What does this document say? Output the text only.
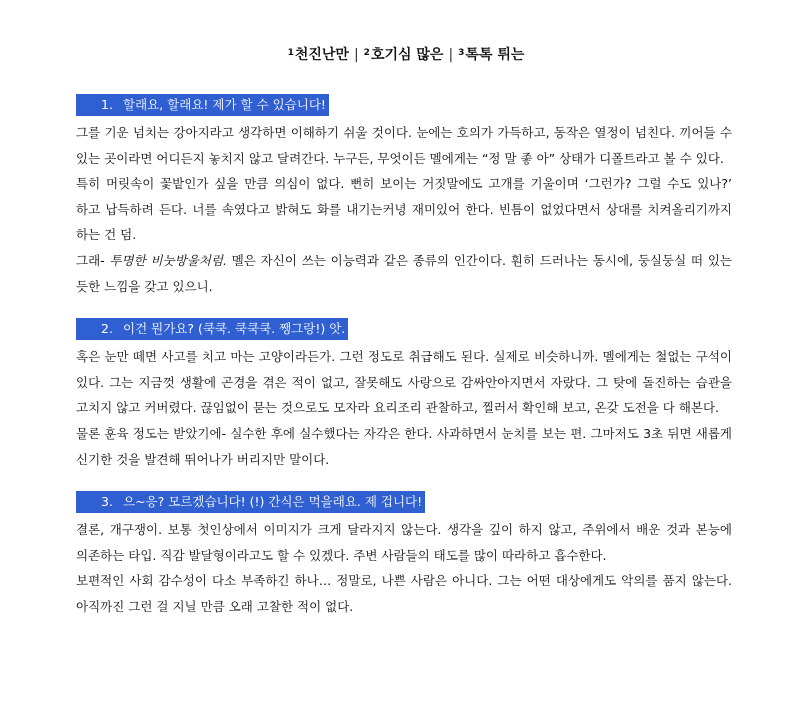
$^1$천진난만 | $^2$호기심 많은 | $^3$톡톡 튀는
1. 할래요, 할래요! 제가 할 수 있습니다!

그를 기운 넘치는 강아지라고 생각하면 이해하기 쉬울 것이다. 눈에는 호의가 가득하고, 동작은 열정이 넘친다. 끼어들 수 있는 곳이라면 어디든지 놓치지 않고 달려간다. 누구든, 무엇이든 멜에게는 “정 말 좋 아” 상태가 디폴트라고 볼 수 있다.

특히 머릿속이 꽃밭인가 싶을 만큼 의심이 없다. 뻔히 보이는 거짓말에도 고개를 기울이며 ‘그런가? 그럴 수도 있나?’ 하고 납득하려 든다. 너를 속였다고 밝혀도 화를 내기는커녕 재미있어 한다. 빈틈이 없었다면서 상대를 치켜올리기까지 하는 건 덤.

그래- 투명한 비눗방울처럼. 멜은 자신이 쓰는 이능력과 같은 종류의 인간이다. 훤히 드러나는 동시에, 둥실둥실 떠 있는 듯한 느낌을 갖고 있으니.

2. 이건 뭔가요? (쿡쿡. 쿡쿡쿡. 쨍그랑!) 앗.

혹은 눈만 떼면 사고를 치고 마는 고양이라든가. 그런 정도로 취급해도 된다. 실제로 비슷하니까. 멜에게는 철없는 구석이 있다. 그는 지금껏 생활에 곤경을 겪은 적이 없고, 잘못해도 사랑으로 감싸안아지면서 자랐다. 그 탓에 돌진하는 습관을 고치지 않고 커버렸다. 끊임없이 묻는 것으로도 모자라 요리조리 관찰하고, 찔러서 확인해 보고, 온갖 도전을 다 해본다.

물론 훈육 정도는 받았기에- 실수한 후에 실수했다는 자각은 한다. 사과하면서 눈치를 보는 편. 그마저도 3초 뒤면 새롭게 신기한 것을 발견해 뛰어나가 버리지만 말이다.

3. 으~응? 모르겠습니다! (!) 간식은 먹을래요. 제 겁니다!

결론, 개구쟁이. 보통 첫인상에서 이미지가 크게 달라지지 않는다. 생각을 깊이 하지 않고, 주위에서 배운 것과 본능에 의존하는 타입. 직감 발달형이라고도 할 수 있겠다. 주변 사람들의 태도를 많이 따라하고 흡수한다.

보편적인 사회 감수성이 다소 부족하긴 하나… 정말로, 나쁜 사람은 아니다. 그는 어떤 대상에게도 악의를 품지 않는다. 아직까진 그런 걸 지닐 만큼 오래 고찰한 적이 없다.
